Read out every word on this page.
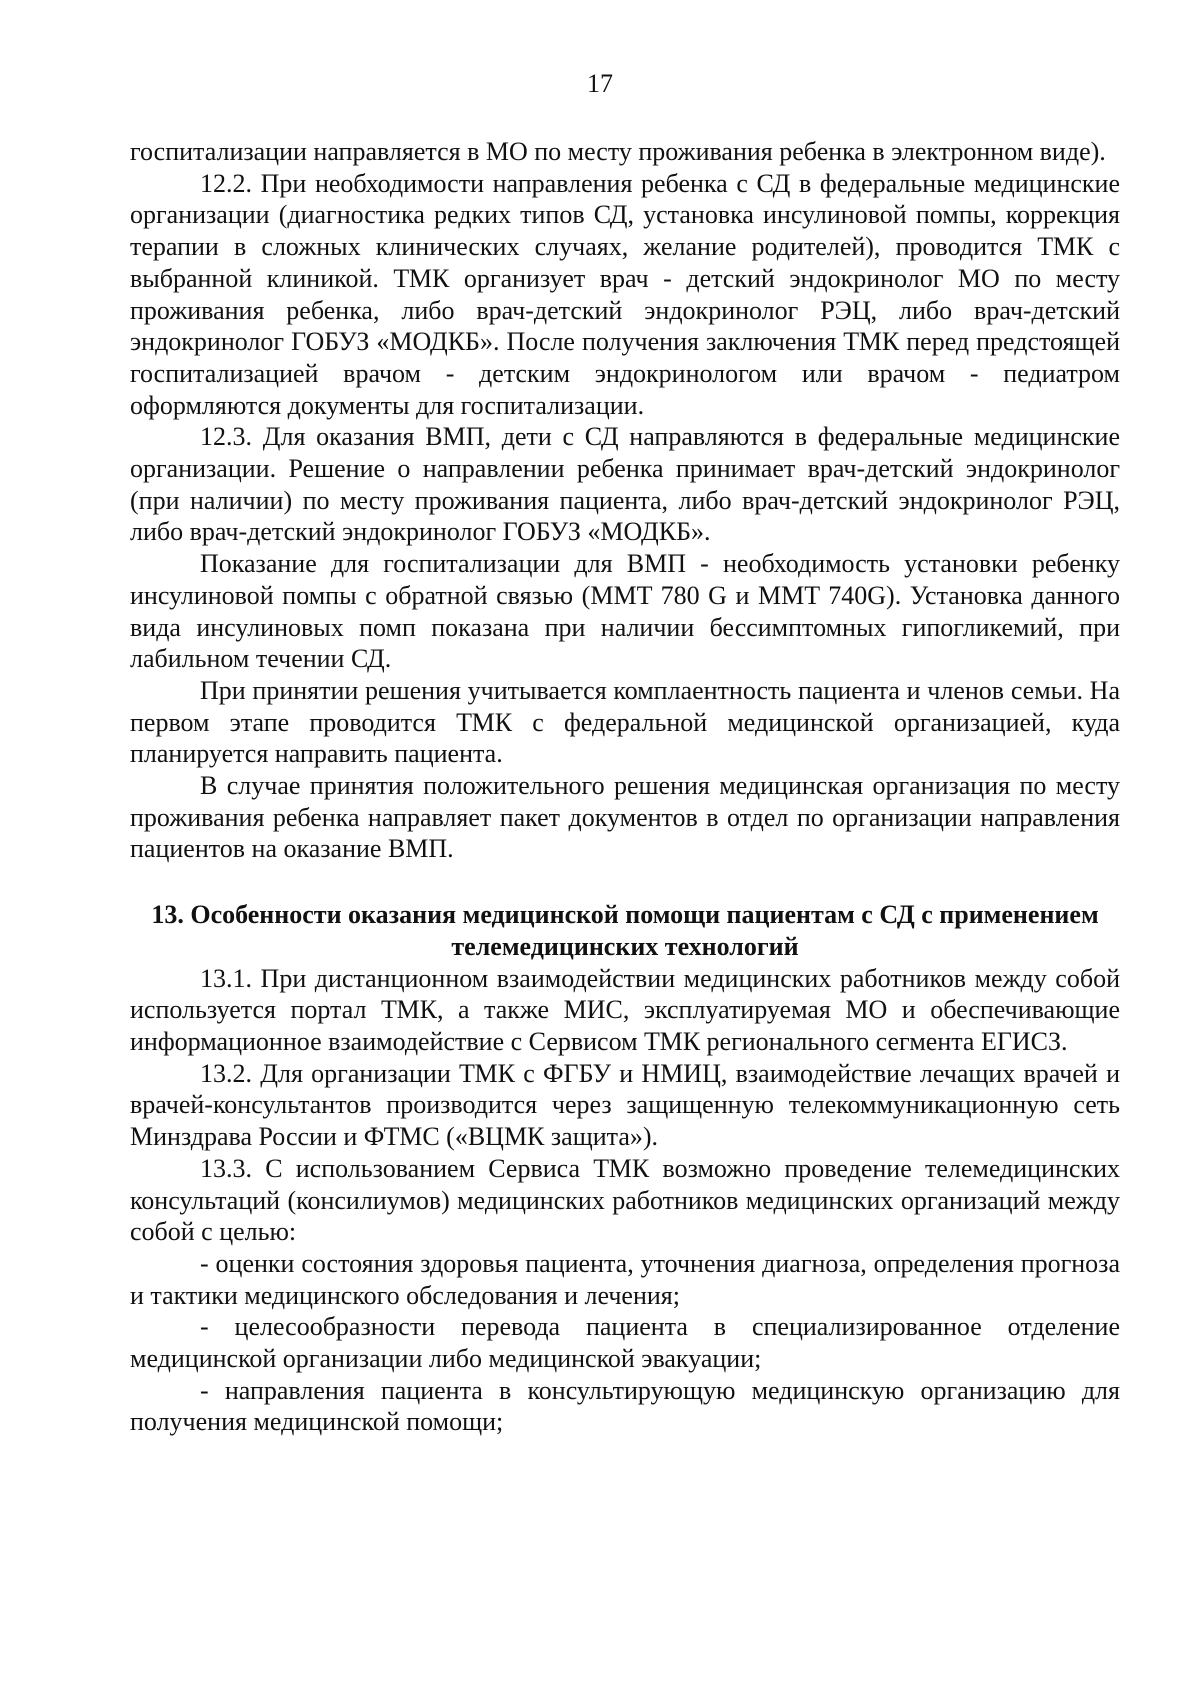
17

госпитализации направляется в МО по месту проживания ребенка в электронном виде).

12.2. При необходимости направления ребенка с СД в федеральные медицинские организации (диагностика редких типов СД, установка инсулиновой помпы, коррекция терапии в сложных клинических случаях, желание родителей), проводится ТМК с выбранной клиникой. ТМК организует врач - детский эндокринолог МО по месту проживания ребенка, либо врач-детский эндокринолог РЭЦ, либо врач-детский эндокринолог ГОБУЗ «МОДКБ». После получения заключения ТМК перед предстоящей госпитализацией врачом - детским эндокринологом или врачом - педиатром оформляются документы для госпитализации.

12.3. Для оказания ВМП, дети с СД направляются в федеральные медицинские организации. Решение о направлении ребенка принимает врач-детский эндокринолог (при наличии) по месту проживания пациента, либо врач-детский эндокринолог РЭЦ, либо врач-детский эндокринолог ГОБУЗ «МОДКБ».

Показание для госпитализации для ВМП - необходимость установки ребенку инсулиновой помпы с обратной связью (MMT 780 G и MMT 740G). Установка данного вида инсулиновых помп показана при наличии бессимптомных гипогликемий, при лабильном течении СД.

При принятии решения учитывается комплаентность пациента и членов семьи. На первом этапе проводится ТМК с федеральной медицинской организацией, куда планируется направить пациента.

В случае принятия положительного решения медицинская организация по месту проживания ребенка направляет пакет документов в отдел по организации направления пациентов на оказание ВМП.

13. Особенности оказания медицинской помощи пациентам с СД с применением телемедицинских технологий

13.1. При дистанционном взаимодействии медицинских работников между собой используется портал ТМК, а также МИС, эксплуатируемая МО и обеспечивающие информационное взаимодействие с Сервисом ТМК регионального сегмента ЕГИСЗ.

13.2. Для организации ТМК с ФГБУ и НМИЦ, взаимодействие лечащих врачей и врачей-консультантов производится через защищенную телекоммуникационную сеть Минздрава России и ФТМС («ВЦМК защита»).

13.3. С использованием Сервиса ТМК возможно проведение телемедицинских консультаций (консилиумов) медицинских работников медицинских организаций между собой с целью:

- оценки состояния здоровья пациента, уточнения диагноза, определения прогноза и тактики медицинского обследования и лечения;

- целесообразности перевода пациента в специализированное отделение медицинской организации либо медицинской эвакуации;

- направления пациента в консультирующую медицинскую организацию для получения медицинской помощи;
